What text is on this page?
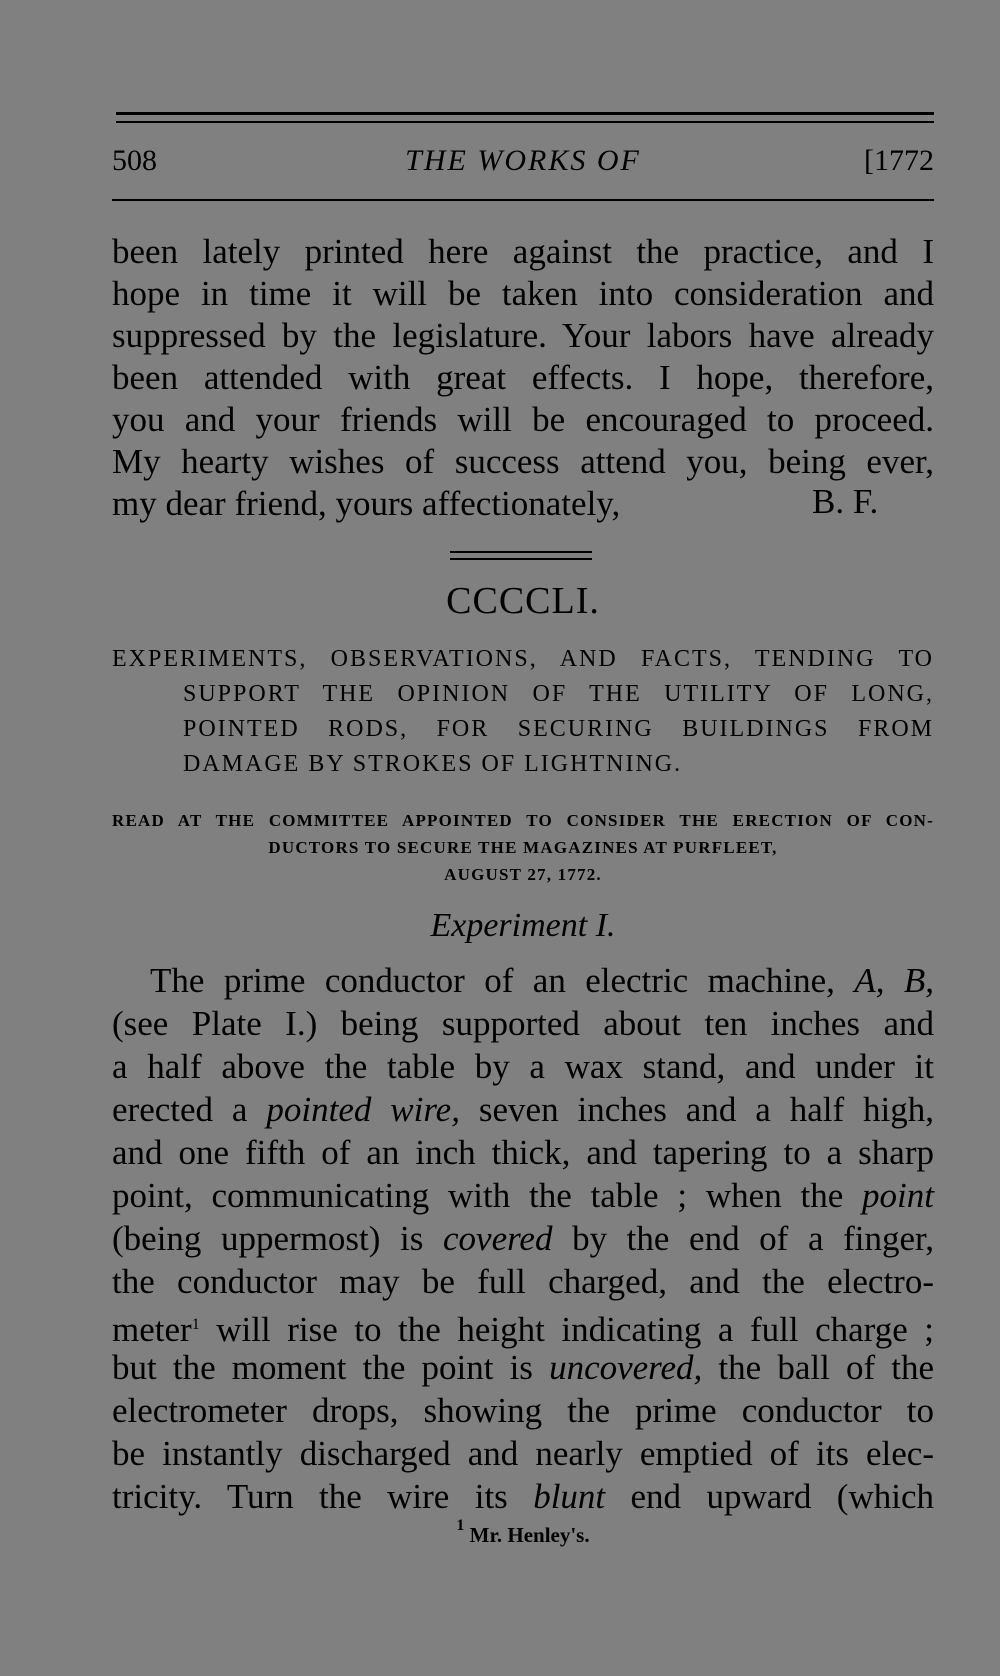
508	THE WORKS OF	[1772
been lately printed here against the practice, and I
hope in time it will be taken into consideration and
suppressed by the legislature. Your labors have already
been attended with great effects. I hope, therefore,
you and your friends will be encouraged to proceed.
My hearty wishes of success attend you, being ever,
my dear friend, yours affectionately,	B. F.
CCCCLI.
EXPERIMENTS, OBSERVATIONS, AND FACTS, TENDING TO
SUPPORT THE OPINION OF THE UTILITY OF LONG,
POINTED RODS, FOR SECURING BUILDINGS FROM
DAMAGE BY STROKES OF LIGHTNING.
READ AT THE COMMITTEE APPOINTED TO CONSIDER THE ERECTION OF CON-
DUCTORS TO SECURE THE MAGAZINES AT PURFLEET,
AUGUST 27, 1772.
Experiment I.
The prime conductor of an electric machine, A, B,
(see Plate I.) being supported about ten inches and
a half above the table by a wax stand, and under it
erected a pointed wire, seven inches and a half high,
and one fifth of an inch thick, and tapering to a sharp
point, communicating with the table ; when the point
(being uppermost) is covered by the end of a finger,
the conductor may be full charged, and the electro-
meter$^1$ will rise to the height indicating a full charge ;
but the moment the point is uncovered, the ball of the
electrometer drops, showing the prime conductor to
be instantly discharged and nearly emptied of its elec-
tricity. Turn the wire its blunt end upward (which
$^1$ Mr. Henley's.
